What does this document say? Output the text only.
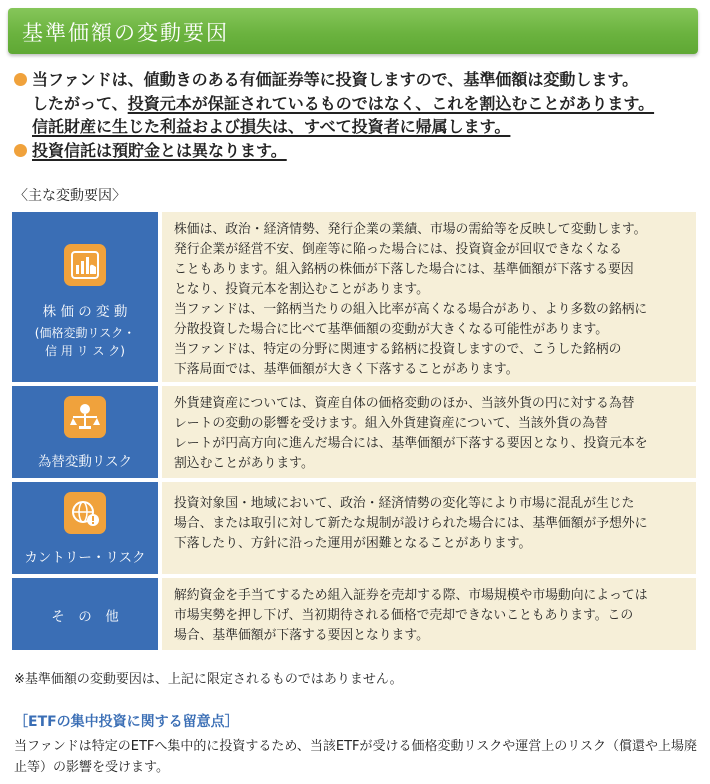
基準価額の変動要因
当ファンドは、値動きのある有価証券等に投資しますので、基準価額は変動します。
したがって、投資元本が保証されているものではなく、これを割込むことがあります。
信託財産に生じた利益および損失は、すべて投資者に帰属します。
投資信託は預貯金とは異なります。
〈主な変動要因〉
株 価 の 変 動
(価格変動リスク・
信 用 リ ス ク)
株価は、政治・経済情勢、発行企業の業績、市場の需給等を反映して変動します。
発行企業が経営不安、倒産等に陥った場合には、投資資金が回収できなくなる
こともあります。組入銘柄の株価が下落した場合には、基準価額が下落する要因
となり、投資元本を割込むことがあります。
当ファンドは、一銘柄当たりの組入比率が高くなる場合があり、より多数の銘柄に
分散投資した場合に比べて基準価額の変動が大きくなる可能性があります。
当ファンドは、特定の分野に関連する銘柄に投資しますので、こうした銘柄の
下落局面では、基準価額が大きく下落することがあります。
為替変動リスク
外貨建資産については、資産自体の価格変動のほか、当該外貨の円に対する為替
レートの変動の影響を受けます。組入外貨建資産について、当該外貨の為替
レートが円高方向に進んだ場合には、基準価額が下落する要因となり、投資元本を
割込むことがあります。
カントリー・リスク
投資対象国・地域において、政治・経済情勢の変化等により市場に混乱が生じた
場合、または取引に対して新たな規制が設けられた場合には、基準価額が予想外に
下落したり、方針に沿った運用が困難となることがあります。
そ　の　他
解約資金を手当てするため組入証券を売却する際、市場規模や市場動向によっては
市場実勢を押し下げ、当初期待される価格で売却できないこともあります。この
場合、基準価額が下落する要因となります。
※基準価額の変動要因は、上記に限定されるものではありません。
［ETFの集中投資に関する留意点］
当ファンドは特定のETFへ集中的に投資するため、当該ETFが受ける価格変動リスクや運営上のリスク（償還や上場廃止等）の影響を受けます。
